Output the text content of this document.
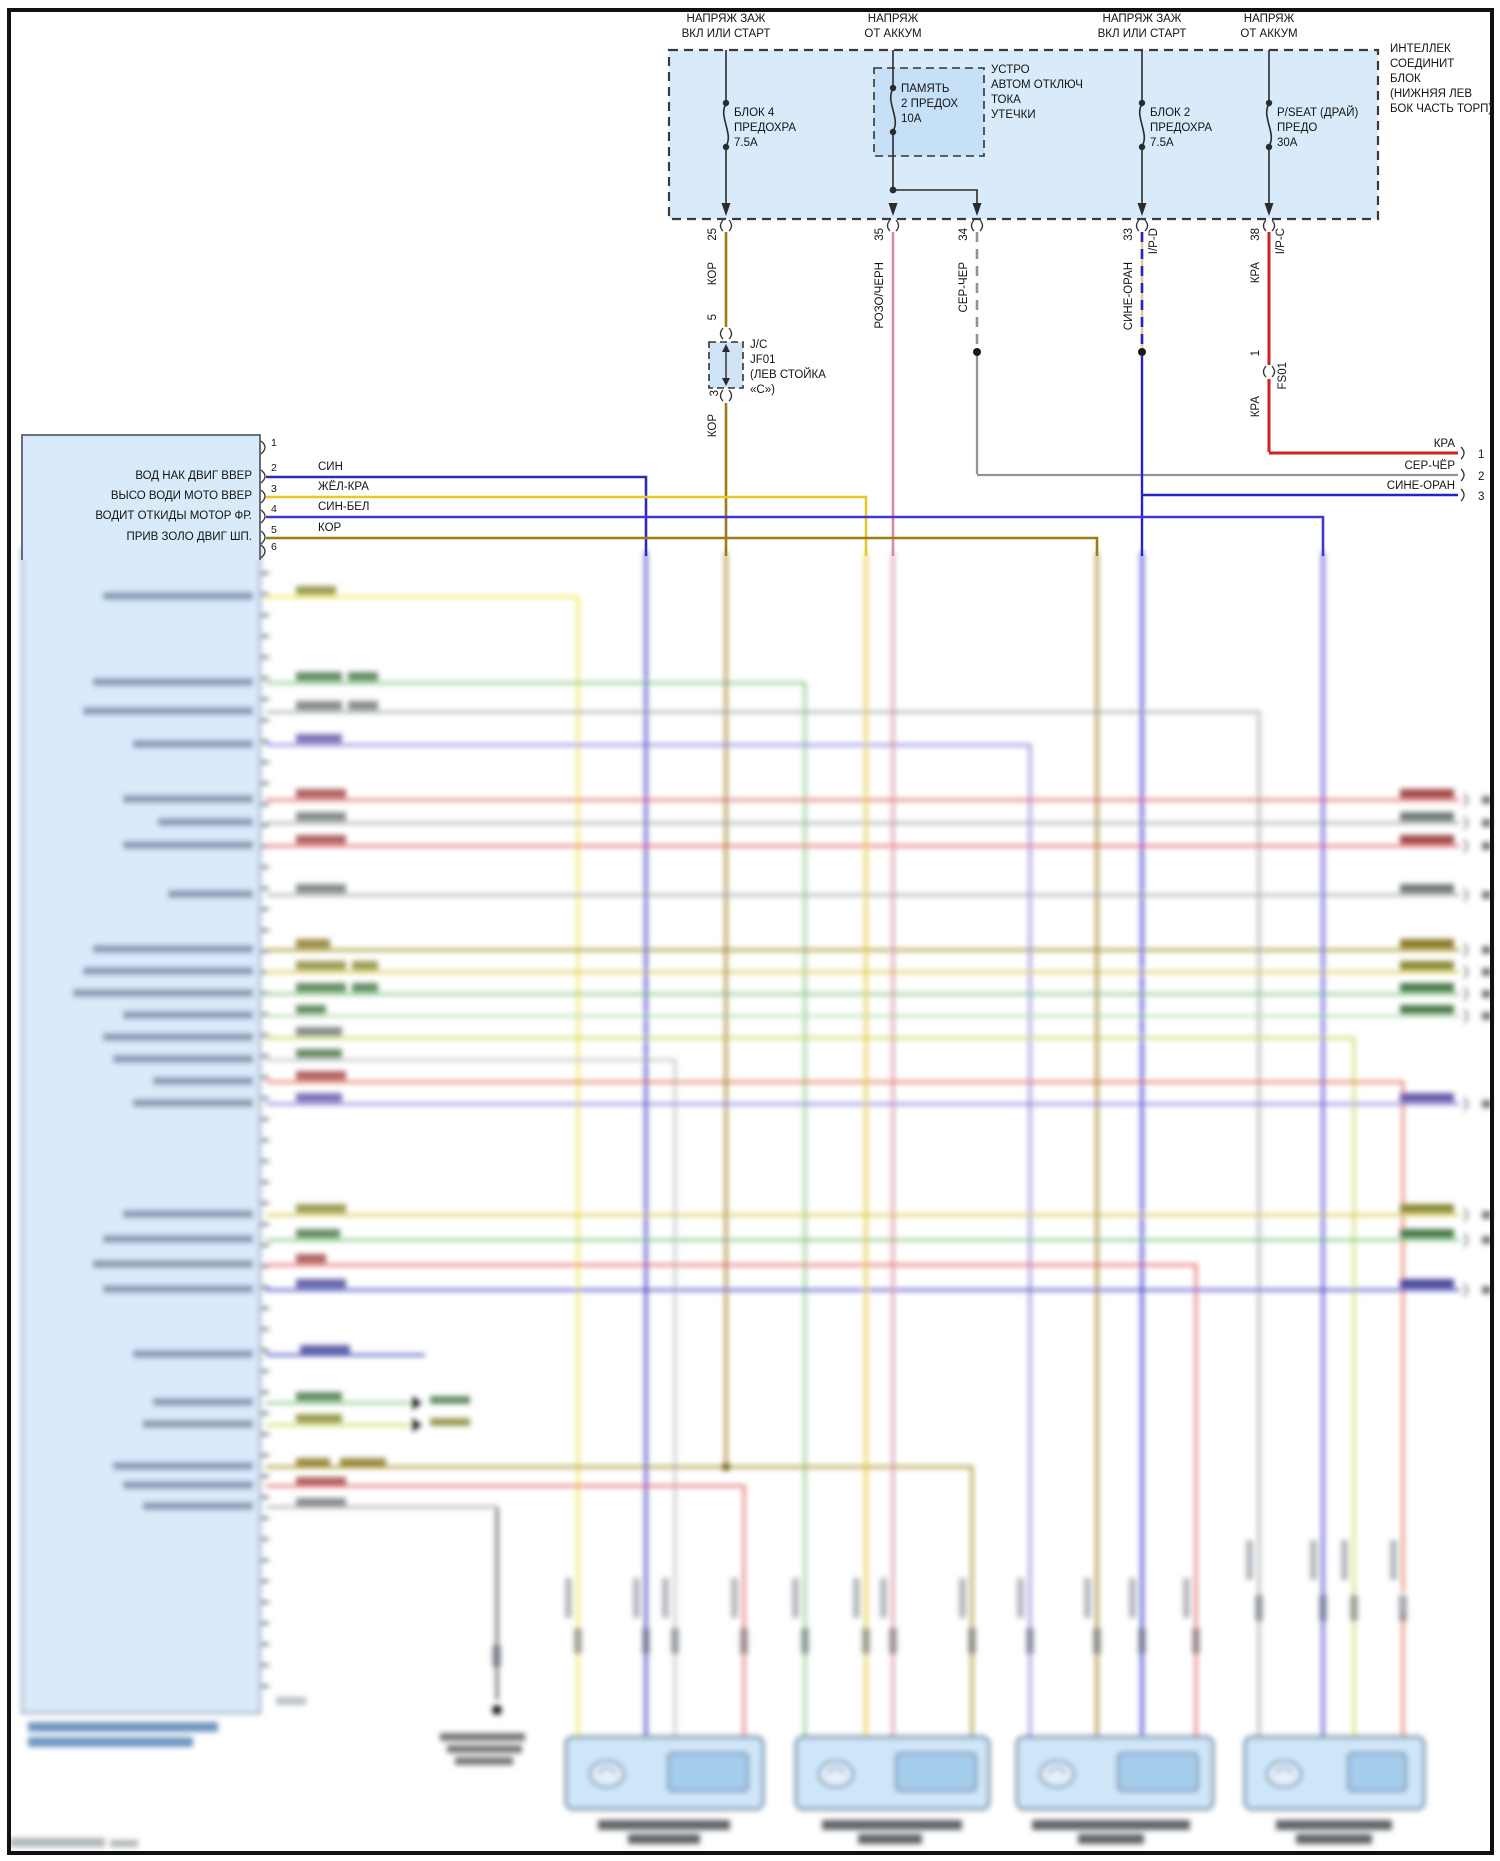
НАПРЯЖ ЗАЖ
ВКЛ ИЛИ СТАРТ
НАПРЯЖ
ОТ АККУМ
НАПРЯЖ ЗАЖ
ВКЛ ИЛИ СТАРТ
НАПРЯЖ
ОТ АККУМ
БЛОК 4
ПРЕДОХРА
7.5А
ПАМЯТЬ
2 ПРЕДОХ
10А	БЛОК 2
ПРЕДОХРА
7.5А
P/SEAT (ДРАЙ)
ПРЕДО
30А
УСТРО
АВТОМ ОТКЛЮЧ
ТОКА
УТЕЧКИ
ИНТЕЛЛЕК
СОЕДИНИТ
БЛОК
(НИЖНЯЯ ЛЕВ
БОК ЧАСТЬ ТОРП)
25
КОР
5
3
КОР
35
РОЗО/ЧЕРН
34
СЕР-ЧЁР
33 I/P-D
СИНЕ-ОРАН
38 I/P-C
КРА
1
FS01
КРА
J/C
JF01
(ЛЕВ СТОЙКА
«С»)
ВОД НАК ДВИГ ВВЕР
ВЫСО ВОДИ МОТО ВВЕР
ВОДИТ ОТКИДЫ МОТОР ФР.
ПРИВ ЗОЛО ДВИГ ШП.
1
2
3
4
5
6
СИН
ЖЁЛ-КРА
СИН-БЕЛ
КОР
КРА
1
СЕР-ЧЁР
2
СИНЕ-ОРАН
3
